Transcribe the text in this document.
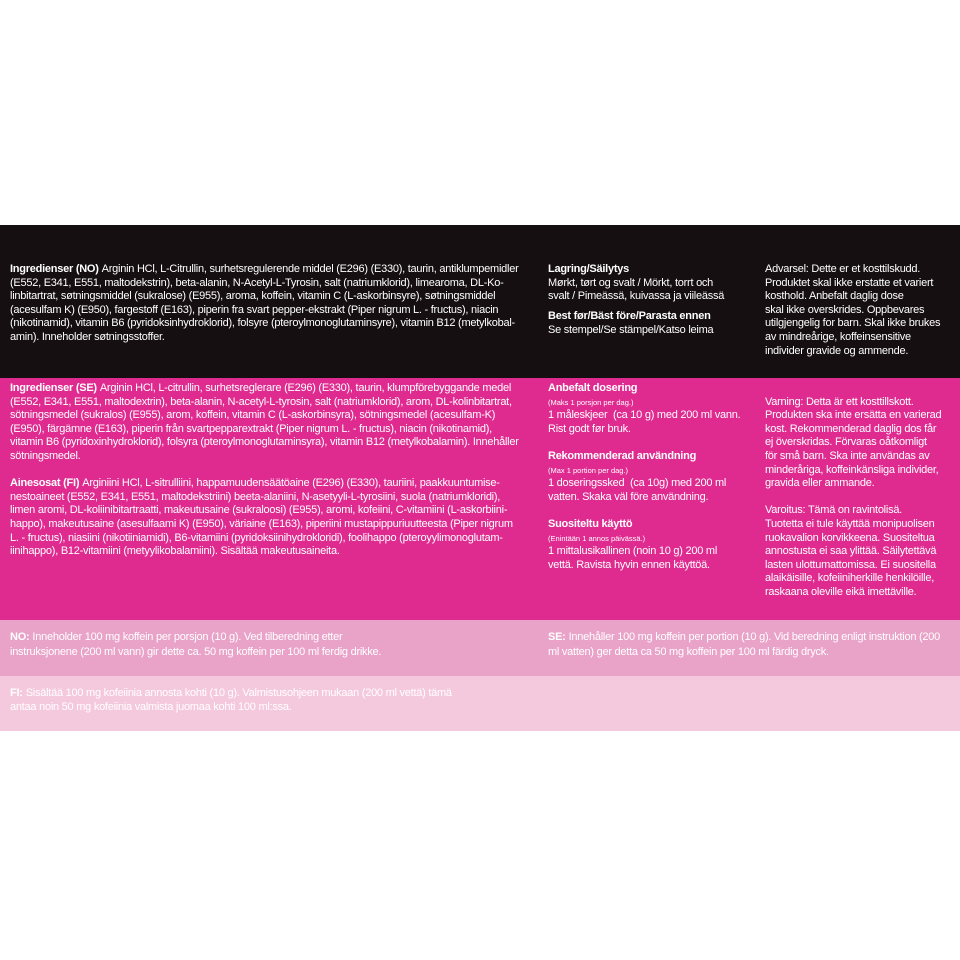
Ingredienser (NO) Arginin HCl, L-Citrullin, surhetsregulerende middel (E296) (E330), taurin, antiklumpemidler
(E552, E341, E551, maltodekstrin), beta-alanin, N-Acetyl-L-Tyrosin, salt (natriumklorid), limearoma, DL-Ko-
linbitartrat, søtningsmiddel (sukralose) (E955), aroma, koffein, vitamin C (L-askorbinsyre), søtningsmiddel
(acesulfam K) (E950), fargestoff (E163), piperin fra svart pepper-ekstrakt (Piper nigrum L. - fructus), niacin
(nikotinamid), vitamin B6 (pyridoksinhydroklorid), folsyre (pteroylmonoglutaminsyre), vitamin B12 (metylkobal-
amin). Inneholder søtningsstoffer.
Lagring/Säilytys
Mørkt, tørt og svalt / Mörkt, torrt och
svalt / Pimeässä, kuivassa ja viileässä
Best før/Bäst före/Parasta ennen
Se stempel/Se stämpel/Katso leima
Advarsel: Dette er et kosttilskudd.
Produktet skal ikke erstatte et variert
kosthold. Anbefalt daglig dose
skal ikke overskrides. Oppbevares
utilgjengelig for barn. Skal ikke brukes
av mindreårige, koffeinsensitive
individer gravide og ammende.
Ingredienser (SE) Arginin HCl, L-citrullin, surhetsreglerare (E296) (E330), taurin, klumpförebyggande medel
(E552, E341, E551, maltodextrin), beta-alanin, N-acetyl-L-tyrosin, salt (natriumklorid), arom, DL-kolinbitartrat,
sötningsmedel (sukralos) (E955), arom, koffein, vitamin C (L-askorbinsyra), sötningsmedel (acesulfam-K)
(E950), färgämne (E163), piperin från svartpepparextrakt (Piper nigrum L. - fructus), niacin (nikotinamid),
vitamin B6 (pyridoxinhydroklorid), folsyra (pteroylmonoglutaminsyra), vitamin B12 (metylkobalamin). Innehåller
sötningsmedel.
Ainesosat (FI) Arginiini HCl, L-sitrulliini, happamuudensäätöaine (E296) (E330), tauriini, paakkuuntumise-
nestoaineet (E552, E341, E551, maltodekstriini) beeta-alaniini, N-asetyyli-L-tyrosiini, suola (natriumkloridi),
limen aromi, DL-koliinibitartraatti, makeutusaine (sukraloosi) (E955), aromi, kofeiini, C-vitamiini (L-askorbiini-
happo), makeutusaine (asesulfaami K) (E950), väriaine (E163), piperiini mustapippuriuutteesta (Piper nigrum
L. - fructus), niasiini (nikotiiniamidi), B6-vitamiini (pyridoksiinihydrokloridi), foolihappo (pteroyylimonoglutam-
iinihappo), B12-vitamiini (metyylikobalamiini). Sisältää makeutusaineita.
Anbefalt dosering
(Maks 1 porsjon per dag.)
1 måleskjeer  (ca 10 g) med 200 ml vann.
Rist godt før bruk.
Rekommenderad användning
(Max 1 portion per dag.)
1 doseringssked  (ca 10g) med 200 ml
vatten. Skaka väl före användning.
Suositeltu käyttö
(Enintään 1 annos päivässä.)
1 mittalusikallinen (noin 10 g) 200 ml
vettä. Ravista hyvin ennen käyttöä.
Varning: Detta är ett kosttillskott.
Produkten ska inte ersätta en varierad
kost. Rekommenderad daglig dos får
ej överskridas. Förvaras oåtkomligt
för små barn. Ska inte användas av
minderåriga, koffeinkänsliga individer,
gravida eller ammande.
Varoitus: Tämä on ravintolisä.
Tuotetta ei tule käyttää monipuolisen
ruokavalion korvikkeena. Suositeltua
annostusta ei saa ylittää. Säilytettävä
lasten ulottumattomissa. Ei suositella
alaikäisille, kofeiiniherkille henkilöille,
raskaana oleville eikä imettäville.
NO: Inneholder 100 mg koffein per porsjon (10 g). Ved tilberedning etter
instruksjonene (200 ml vann) gir dette ca. 50 mg koffein per 100 ml ferdig drikke.
SE: Innehåller 100 mg koffein per portion (10 g). Vid beredning enligt instruktion (200
ml vatten) ger detta ca 50 mg koffein per 100 ml färdig dryck.
FI: Sisältää 100 mg kofeiinia annosta kohti (10 g). Valmistusohjeen mukaan (200 ml vettä) tämä
antaa noin 50 mg kofeiinia valmista juomaa kohti 100 ml:ssa.
